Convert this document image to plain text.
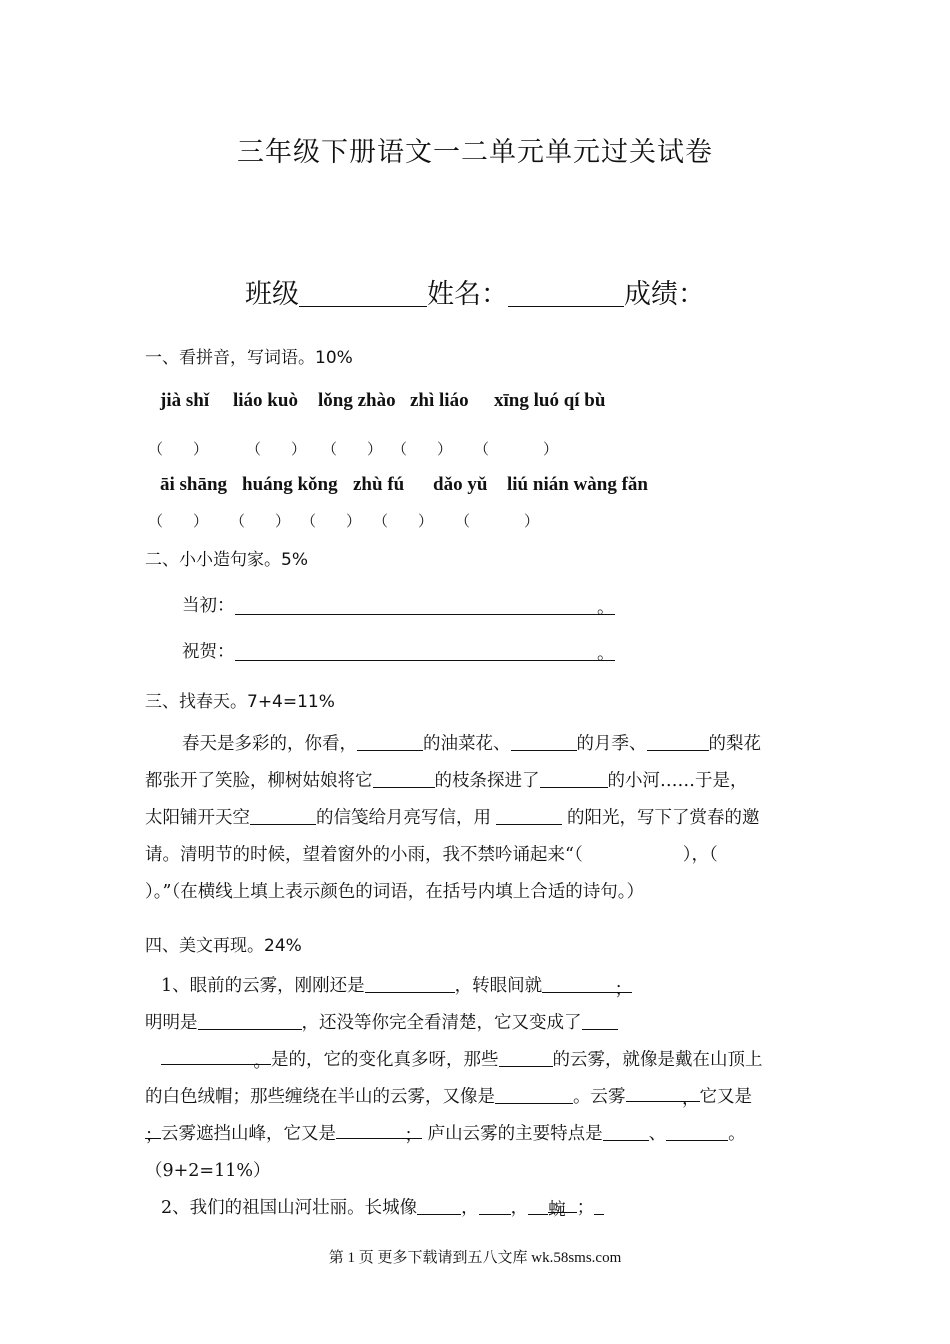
三年级下册语文一二单元单元过关试卷
班级	姓名：	成绩：
一、看拼音，写词语。10%
jià shǐ liáo kuò lǒng zhào zhì liáo xīng luó qí bù
（　　）	（　　） （　　） （　　） （　　）
āi shāng huáng kǒng zhù fú dǎo yǔ liú nián wàng fǎn
（　　） （　　） （　　） （　　） （　　）
二、小小造句家。5%
当初：	。
祝贺：	。
三、找春天。7+4=11%
春天是多彩的，你看，	的油菜花、	的月季、	的梨花
都张开了笑脸，柳树姑娘将它	的枝条探进了	的小河……于是，
太阳铺开天空	的信笺给月亮写信，用	的阳光，写下了赏春的邀
请。清明节的时候，望着窗外的小雨，我不禁吟诵起来“（	），（
）。”（在横线上填上表示颜色的词语，在括号内填上合适的诗句。）
四、美文再现。24%
1、眼前的云雾，刚刚还是	，转眼间就	；
明明是	，还没等你完全看清楚，它又变成了
。是的，它的变化真多呀，那些	的云雾，就像是戴在山顶上
的白色绒帽；那些缠绕在半山的云雾，又像是	。云雾	，它又是
；云雾遮挡山峰，它又是	； 庐山云雾的主要特点是	、	。
（9+2=11%）
2、我们的祖国山河壮丽。长城像	， ， 蜿 ；
第 1 页 更多下载请到五八文库 wk.58sms.com
